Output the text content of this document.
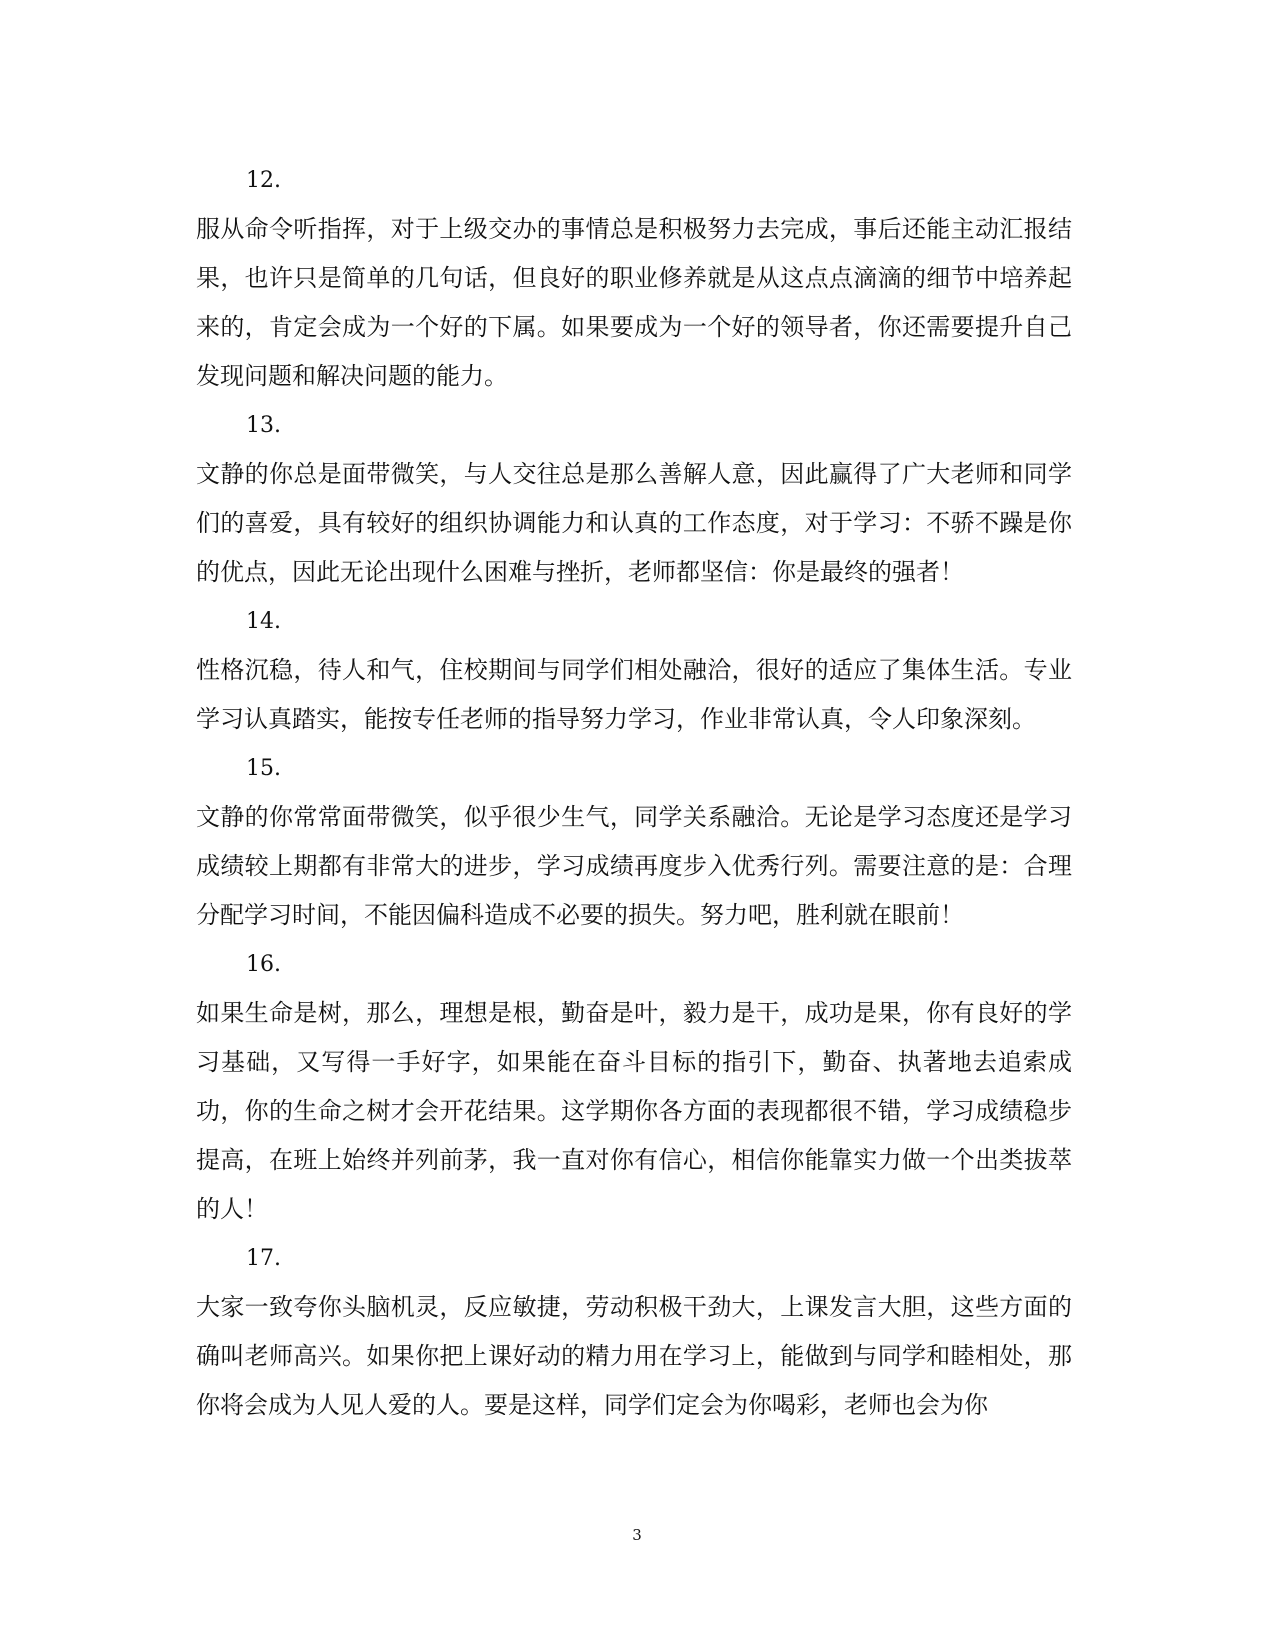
12.

服从命令听指挥，对于上级交办的事情总是积极努力去完成，事后还能主动汇报结果，也许只是简单的几句话，但良好的职业修养就是从这点点滴滴的细节中培养起来的，肯定会成为一个好的下属。如果要成为一个好的领导者，你还需要提升自己发现问题和解决问题的能力。

13.

文静的你总是面带微笑，与人交往总是那么善解人意，因此赢得了广大老师和同学们的喜爱，具有较好的组织协调能力和认真的工作态度，对于学习：不骄不躁是你的优点，因此无论出现什么困难与挫折，老师都坚信：你是最终的强者！

14.

性格沉稳，待人和气，住校期间与同学们相处融洽，很好的适应了集体生活。专业学习认真踏实，能按专任老师的指导努力学习，作业非常认真，令人印象深刻。

15.

文静的你常常面带微笑，似乎很少生气，同学关系融洽。无论是学习态度还是学习成绩较上期都有非常大的进步，学习成绩再度步入优秀行列。需要注意的是：合理分配学习时间，不能因偏科造成不必要的损失。努力吧，胜利就在眼前！

16.

如果生命是树，那么，理想是根，勤奋是叶，毅力是干，成功是果，你有良好的学习基础，又写得一手好字，如果能在奋斗目标的指引下，勤奋、执著地去追索成功，你的生命之树才会开花结果。这学期你各方面的表现都很不错，学习成绩稳步提高，在班上始终并列前茅，我一直对你有信心，相信你能靠实力做一个出类拔萃的人！

17.

大家一致夸你头脑机灵，反应敏捷，劳动积极干劲大，上课发言大胆，这些方面的确叫老师高兴。如果你把上课好动的精力用在学习上，能做到与同学和睦相处，那你将会成为人见人爱的人。要是这样，同学们定会为你喝彩，老师也会为你

3
